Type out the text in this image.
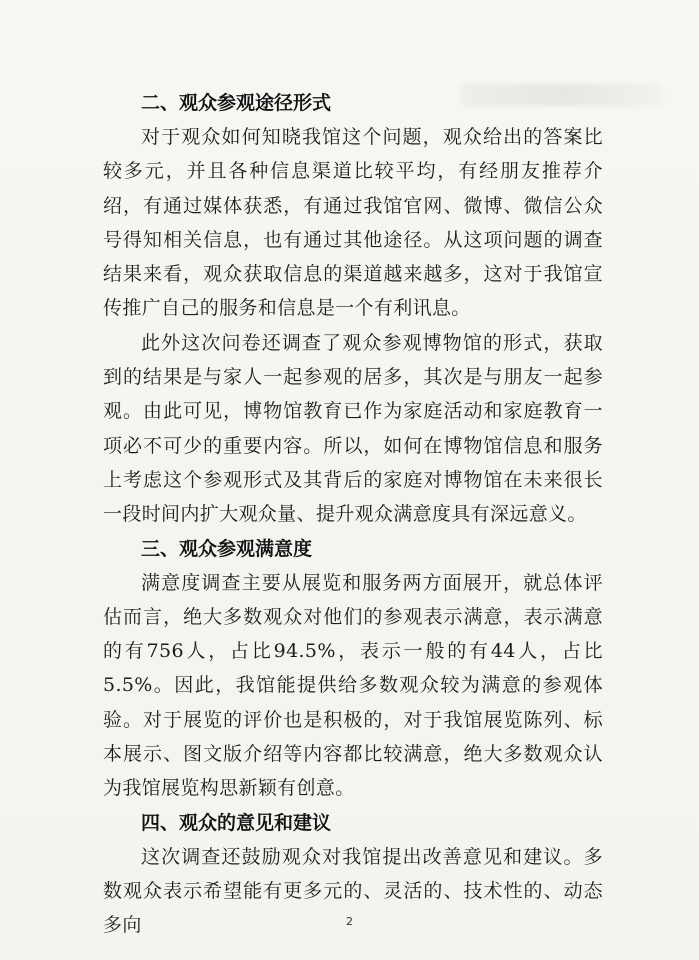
二、观众参观途径形式

对于观众如何知晓我馆这个问题，观众给出的答案比较多元，并且各种信息渠道比较平均，有经朋友推荐介绍，有通过媒体获悉，有通过我馆官网、微博、微信公众号得知相关信息，也有通过其他途径。从这项问题的调查结果来看，观众获取信息的渠道越来越多，这对于我馆宣传推广自己的服务和信息是一个有利讯息。

此外这次问卷还调查了观众参观博物馆的形式，获取到的结果是与家人一起参观的居多，其次是与朋友一起参观。由此可见，博物馆教育已作为家庭活动和家庭教育一项必不可少的重要内容。所以，如何在博物馆信息和服务上考虑这个参观形式及其背后的家庭对博物馆在未来很长一段时间内扩大观众量、提升观众满意度具有深远意义。

三、观众参观满意度

满意度调查主要从展览和服务两方面展开，就总体评估而言，绝大多数观众对他们的参观表示满意，表示满意的有756人，占比94.5%，表示一般的有44人，占比5.5%。因此，我馆能提供给多数观众较为满意的参观体验。对于展览的评价也是积极的，对于我馆展览陈列、标本展示、图文版介绍等内容都比较满意，绝大多数观众认为我馆展览构思新颖有创意。

四、观众的意见和建议

这次调查还鼓励观众对我馆提出改善意见和建议。多数观众表示希望能有更多元的、灵活的、技术性的、动态多向	2
